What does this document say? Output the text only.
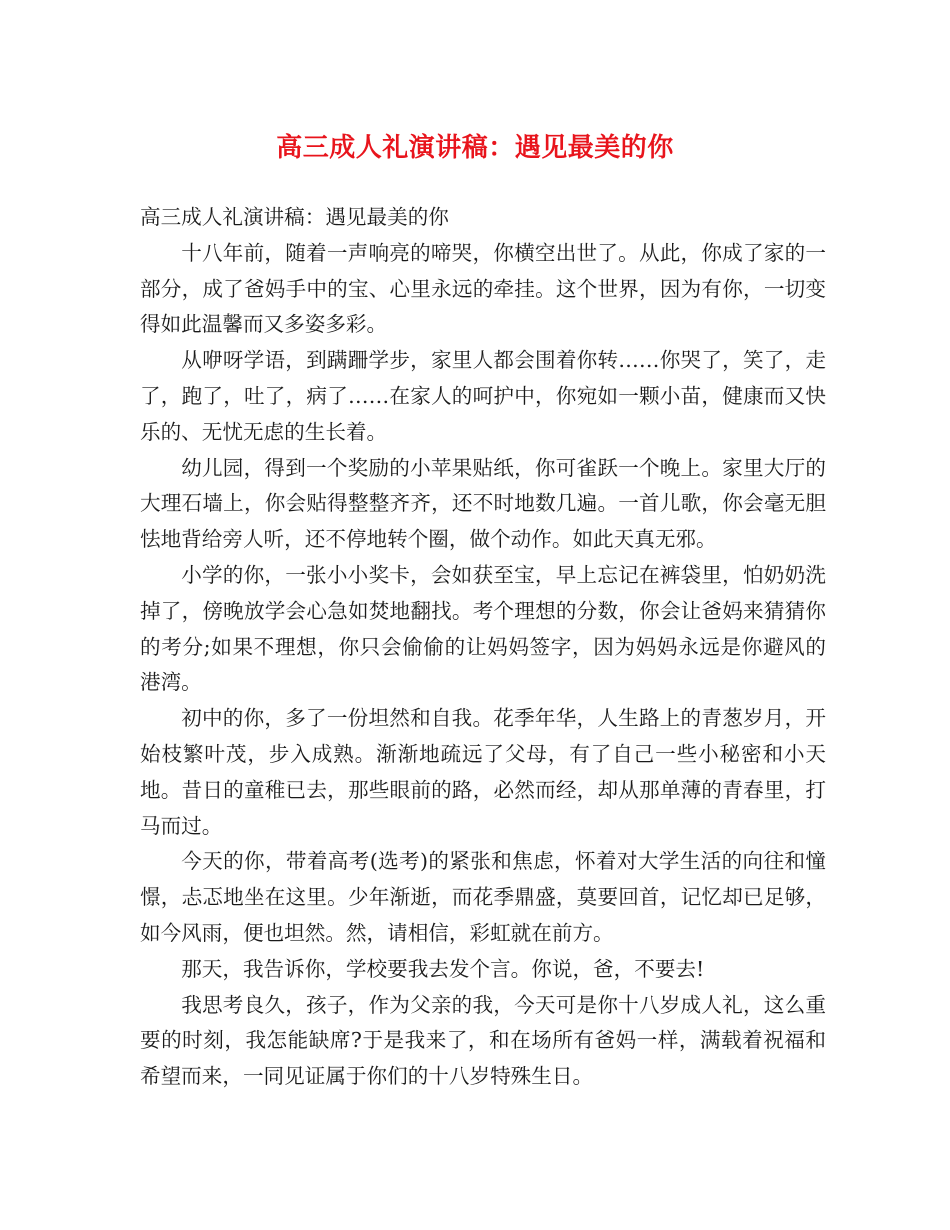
高三成人礼演讲稿：遇见最美的你

高三成人礼演讲稿：遇见最美的你

十八年前，随着一声响亮的啼哭，你横空出世了。从此，你成了家的一部分，成了爸妈手中的宝、心里永远的牵挂。这个世界，因为有你，一切变得如此温馨而又多姿多彩。

从咿呀学语，到蹒跚学步，家里人都会围着你转……你哭了，笑了，走了，跑了，吐了，病了……在家人的呵护中，你宛如一颗小苗，健康而又快乐的、无忧无虑的生长着。

幼儿园，得到一个奖励的小苹果贴纸，你可雀跃一个晚上。家里大厅的大理石墙上，你会贴得整整齐齐，还不时地数几遍。一首儿歌，你会毫无胆怯地背给旁人听，还不停地转个圈，做个动作。如此天真无邪。

小学的你，一张小小奖卡，会如获至宝，早上忘记在裤袋里，怕奶奶洗掉了，傍晚放学会心急如焚地翻找。考个理想的分数，你会让爸妈来猜猜你的考分;如果不理想，你只会偷偷的让妈妈签字，因为妈妈永远是你避风的港湾。

初中的你，多了一份坦然和自我。花季年华，人生路上的青葱岁月，开始枝繁叶茂，步入成熟。渐渐地疏远了父母，有了自己一些小秘密和小天地。昔日的童稚已去，那些眼前的路，必然而经，却从那单薄的青春里，打马而过。

今天的你，带着高考(选考)的紧张和焦虑，怀着对大学生活的向往和憧憬，忐忑地坐在这里。少年渐逝，而花季鼎盛，莫要回首，记忆却已足够，如今风雨，便也坦然。然，请相信，彩虹就在前方。

那天，我告诉你，学校要我去发个言。你说，爸，不要去!

我思考良久，孩子，作为父亲的我，今天可是你十八岁成人礼，这么重要的时刻，我怎能缺席?于是我来了，和在场所有爸妈一样，满载着祝福和希望而来，一同见证属于你们的十八岁特殊生日。
